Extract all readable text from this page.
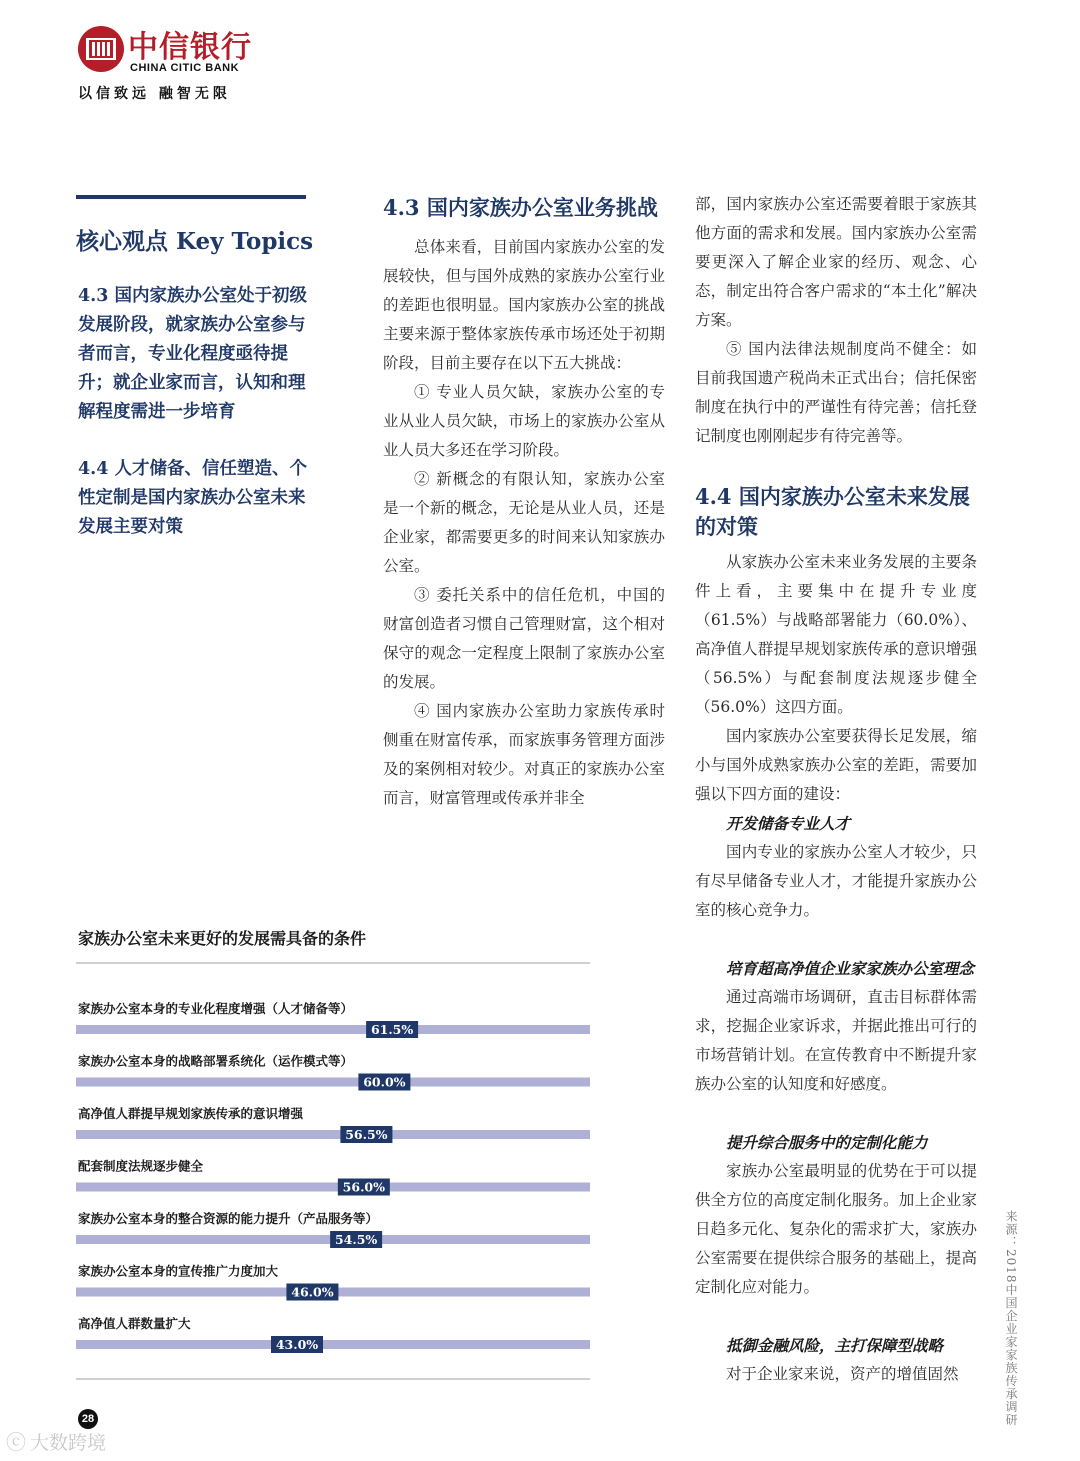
中信银行
CHINA CITIC BANK
以信致远 融智无限
核心观点 Key Topics
4.3 国内家族办公室处于初级发展阶段，就家族办公室参与者而言，专业化程度亟待提升；就企业家而言，认知和理解程度需进一步培育
4.4 人才储备、信任塑造、个性定制是国内家族办公室未来发展主要对策
4.3 国内家族办公室业务挑战

总体来看，目前国内家族办公室的发展较快，但与国外成熟的家族办公室行业的差距也很明显。国内家族办公室的挑战主要来源于整体家族传承市场还处于初期阶段，目前主要存在以下五大挑战：

① 专业人员欠缺，家族办公室的专业从业人员欠缺，市场上的家族办公室从业人员大多还在学习阶段。

② 新概念的有限认知，家族办公室是一个新的概念，无论是从业人员，还是企业家，都需要更多的时间来认知家族办公室。

③ 委托关系中的信任危机，中国的财富创造者习惯自己管理财富，这个相对保守的观念一定程度上限制了家族办公室的发展。

④ 国内家族办公室助力家族传承时侧重在财富传承，而家族事务管理方面涉及的案例相对较少。对真正的家族办公室而言，财富管理或传承并非全

部，国内家族办公室还需要着眼于家族其他方面的需求和发展。国内家族办公室需要更深入了解企业家的经历、观念、心态，制定出符合客户需求的“本土化”解决方案。

⑤ 国内法律法规制度尚不健全：如目前我国遗产税尚未正式出台；信托保密制度在执行中的严谨性有待完善；信托登记制度也刚刚起步有待完善等。

4.4 国内家族办公室未来发展的对策

从家族办公室未来业务发展的主要条件上看，主要集中在提升专业度（61.5%）与战略部署能力（60.0%）、高净值人群提早规划家族传承的意识增强（56.5%）与配套制度法规逐步健全（56.0%）这四方面。

国内家族办公室要获得长足发展，缩小与国外成熟家族办公室的差距，需要加强以下四方面的建设：

开发储备专业人才

国内专业的家族办公室人才较少，只有尽早储备专业人才，才能提升家族办公室的核心竞争力。

培育超高净值企业家家族办公室理念

通过高端市场调研，直击目标群体需求，挖掘企业家诉求，并据此推出可行的市场营销计划。在宣传教育中不断提升家族办公室的认知度和好感度。

提升综合服务中的定制化能力

家族办公室最明显的优势在于可以提供全方位的高度定制化服务。加上企业家日趋多元化、复杂化的需求扩大，家族办公室需要在提供综合服务的基础上，提高定制化应对能力。

抵御金融风险，主打保障型战略

对于企业家来说，资产的增值固然

家族办公室未来更好的发展需具备的条件
家族办公室本身的专业化程度增强（人才储备等）
61.5%
家族办公室本身的战略部署系统化（运作模式等）
60.0%
高净值人群提早规划家族传承的意识增强
56.5%
配套制度法规逐步健全
56.0%
家族办公室本身的整合资源的能力提升（产品服务等）
54.5%
家族办公室本身的宣传推广力度加大
46.0%
高净值人群数量扩大
43.0%
28
ⓒ 大数跨境
来源：2018中国企业家家族传承调研
